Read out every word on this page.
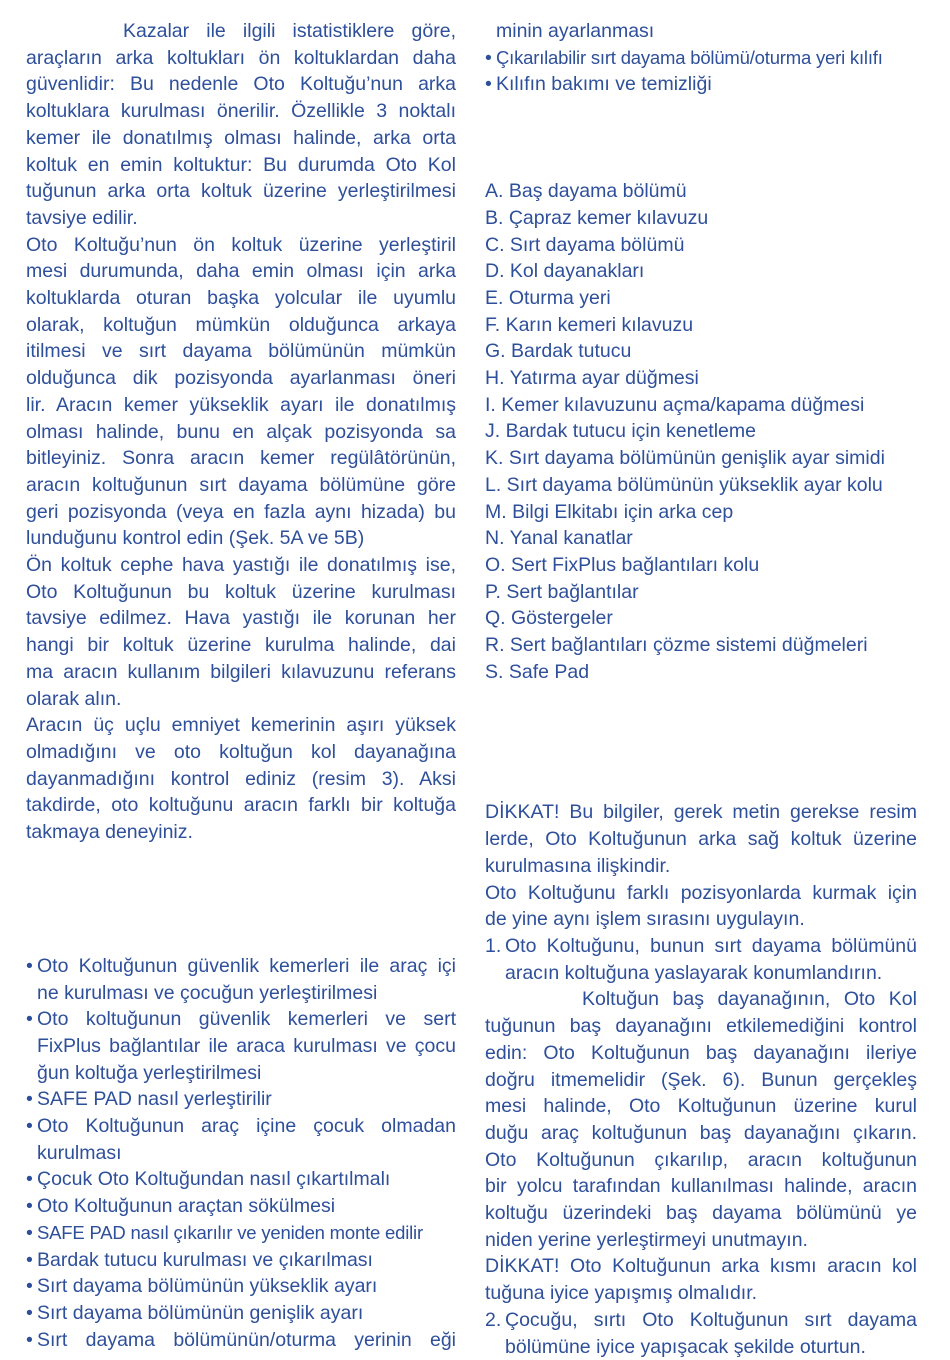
Kazalar ile ilgili istatistiklere göre,

araçların arka koltukları ön koltuklardan daha

güvenlidir: Bu nedenle Oto Koltuğu’nun arka

koltuklara kurulması önerilir. Özellikle 3 noktalı

kemer ile donatılmış olması halinde, arka orta

koltuk en emin koltuktur: Bu durumda Oto Kol

tuğunun arka orta koltuk üzerine yerleştirilmesi

tavsiye edilir.

Oto Koltuğu’nun ön koltuk üzerine yerleştiril

mesi durumunda, daha emin olması için arka

koltuklarda oturan başka yolcular ile uyumlu

olarak, koltuğun mümkün olduğunca arkaya

itilmesi ve sırt dayama bölümünün mümkün

olduğunca dik pozisyonda ayarlanması öneri

lir. Aracın kemer yükseklik ayarı ile donatılmış

olması halinde, bunu en alçak pozisyonda sa

bitleyiniz. Sonra aracın kemer regülâtörünün,

aracın koltuğunun sırt dayama bölümüne göre

geri pozisyonda (veya en fazla aynı hizada) bu

lunduğunu kontrol edin (Şek. 5A ve 5B)

Ön koltuk cephe hava yastığı ile donatılmış ise,

Oto Koltuğunun bu koltuk üzerine kurulması

tavsiye edilmez. Hava yastığı ile korunan her

hangi bir koltuk üzerine kurulma halinde, dai

ma aracın kullanım bilgileri kılavuzunu referans

olarak alın.

Aracın üç uçlu emniyet kemerinin aşırı yüksek

olmadığını ve oto koltuğun kol dayanağına

dayanmadığını kontrol ediniz (resim 3). Aksi

takdirde, oto koltuğunu aracın farklı bir koltuğa

takmaya deneyiniz.

• Oto Koltuğunun güvenlik kemerleri ile araç içi

ne kurulması ve çocuğun yerleştirilmesi

• Oto koltuğunun güvenlik kemerleri ve sert

FixPlus bağlantılar ile araca kurulması ve çocu

ğun koltuğa yerleştirilmesi

• SAFE PAD nasıl yerleştirilir

• Oto Koltuğunun araç içine çocuk olmadan

kurulması

• Çocuk Oto Koltuğundan nasıl çıkartılmalı

• Oto Koltuğunun araçtan sökülmesi

• SAFE PAD nasıl çıkarılır ve yeniden monte edilir

• Bardak tutucu kurulması ve çıkarılması

• Sırt dayama bölümünün yükseklik ayarı

• Sırt dayama bölümünün genişlik ayarı

• Sırt dayama bölümünün/oturma yerinin eği

minin ayarlanması

• Çıkarılabilir sırt dayama bölümü/oturma yeri kılıfı

• Kılıfın bakımı ve temizliği

A. Baş dayama bölümü
B. Çapraz kemer kılavuzu
C. Sırt dayama bölümü
D. Kol dayanakları
E. Oturma yeri
F. Karın kemeri kılavuzu
G. Bardak tutucu
H. Yatırma ayar düğmesi
I. Kemer kılavuzunu açma/kapama düğmesi
J. Bardak tutucu için kenetleme
K. Sırt dayama bölümünün genişlik ayar simidi
L. Sırt dayama bölümünün yükseklik ayar kolu
M. Bilgi Elkitabı için arka cep
N. Yanal kanatlar
O. Sert FixPlus bağlantıları kolu
P. Sert bağlantılar
Q. Göstergeler
R. Sert bağlantıları çözme sistemi düğmeleri
S. Safe Pad

DİKKAT! Bu bilgiler, gerek metin gerekse resim

lerde, Oto Koltuğunun arka sağ koltuk üzerine

kurulmasına ilişkindir.

Oto Koltuğunu farklı pozisyonlarda kurmak için

de yine aynı işlem sırasını uygulayın.

1. Oto Koltuğunu, bunun sırt dayama bölümünü

aracın koltuğuna yaslayarak konumlandırın.

Koltuğun baş dayanağının, Oto Kol

tuğunun baş dayanağını etkilemediğini kontrol

edin: Oto Koltuğunun baş dayanağını ileriye

doğru itmemelidir (Şek. 6). Bunun gerçekleş

mesi halinde, Oto Koltuğunun üzerine kurul

duğu araç koltuğunun baş dayanağını çıkarın.

Oto Koltuğunun çıkarılıp, aracın koltuğunun

bir yolcu tarafından kullanılması halinde, aracın

koltuğu üzerindeki baş dayama bölümünü ye

niden yerine yerleştirmeyi unutmayın.

DİKKAT! Oto Koltuğunun arka kısmı aracın kol

tuğuna iyice yapışmış olmalıdır.

2. Çocuğu, sırtı Oto Koltuğunun sırt dayama

bölümüne iyice yapışacak şekilde oturtun.
